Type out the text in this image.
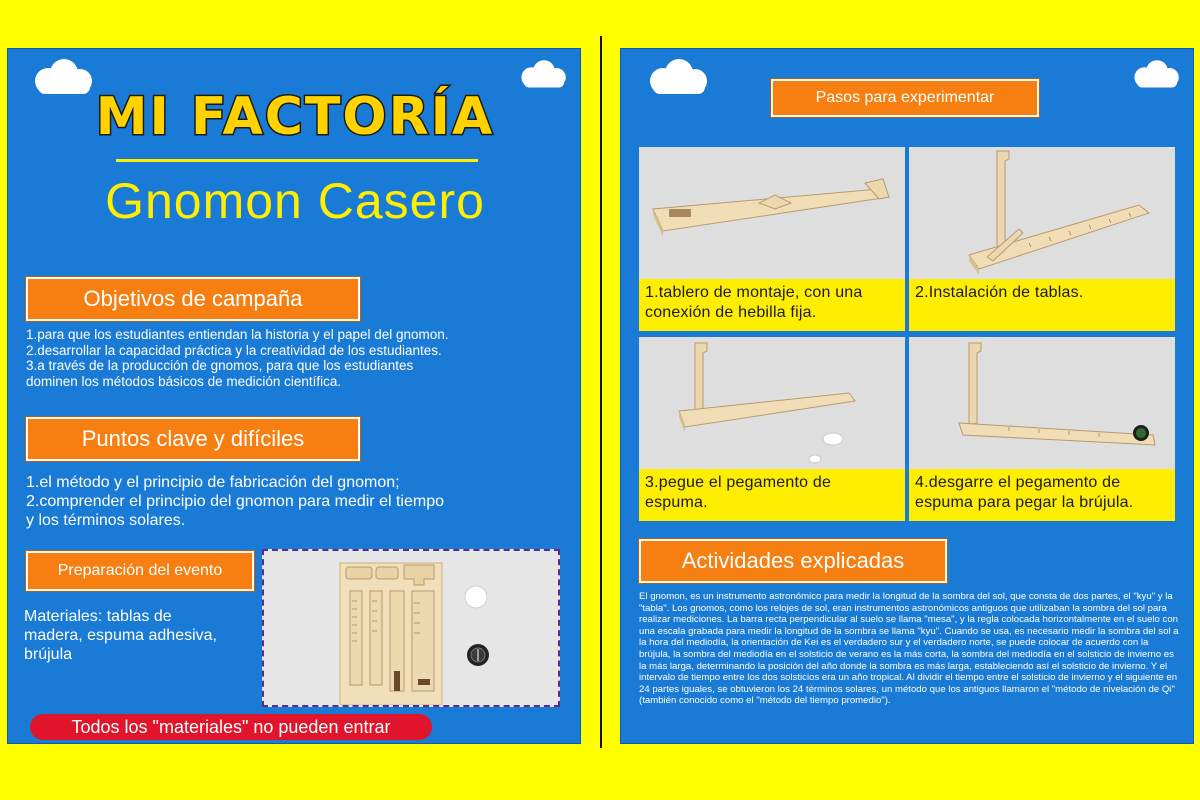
MI FACTORÍA
Gnomon Casero
Objetivos de campaña
1.para que los estudiantes entiendan la historia y el papel del gnomon.
2.desarrollar la capacidad práctica y la creatividad de los estudiantes.
3.a través de la producción de gnomos, para que los estudiantes
dominen los métodos básicos de medición científica.
Puntos clave y difíciles
1.el método y el principio de fabricación del gnomon;
2.comprender el principio del gnomon para medir el tiempo
y los términos solares.
Preparación del evento
Materiales: tablas de
madera, espuma adhesiva,
brújula
Todos los "materiales" no pueden entrar
Pasos para experimentar
1.tablero de montaje, con una
conexión de hebilla fija.
2.Instalación de tablas.
3.pegue el pegamento de
espuma.
4.desgarre el pegamento de
espuma para pegar la brújula.
Actividades explicadas
El gnomon, es un instrumento astronómico para medir la longitud de la sombra del sol, que consta de dos partes, el "kyu" y la "tabla". Los gnomos, como los relojes de sol, eran instrumentos astronómicos antiguos que utilizaban la sombra del sol para realizar mediciones. La barra recta perpendicular al suelo se llama "mesa", y la regla colocada horizontalmente en el suelo con una escala grabada para medir la longitud de la sombra se llama "kyu". Cuando se usa, es necesario medir la sombra del sol a la hora del mediodía, la orientación de Kei es el verdadero sur y el verdadero norte, se puede colocar de acuerdo con la brújula, la sombra del mediodía en el solsticio de verano es la más corta, la sombra del mediodía en el solsticio de invierno es la más larga, determinando la posición del año donde la sombra es más larga, estableciendo así el solsticio de invierno. Y el intervalo de tiempo entre los dos solsticios era un año tropical. Al dividir el tiempo entre el solsticio de invierno y el siguiente en 24 partes iguales, se obtuvieron los 24 términos solares, un método que los antiguos llamaron el "método de nivelación de Qi"(también conocido como el "método del tiempo promedio").
